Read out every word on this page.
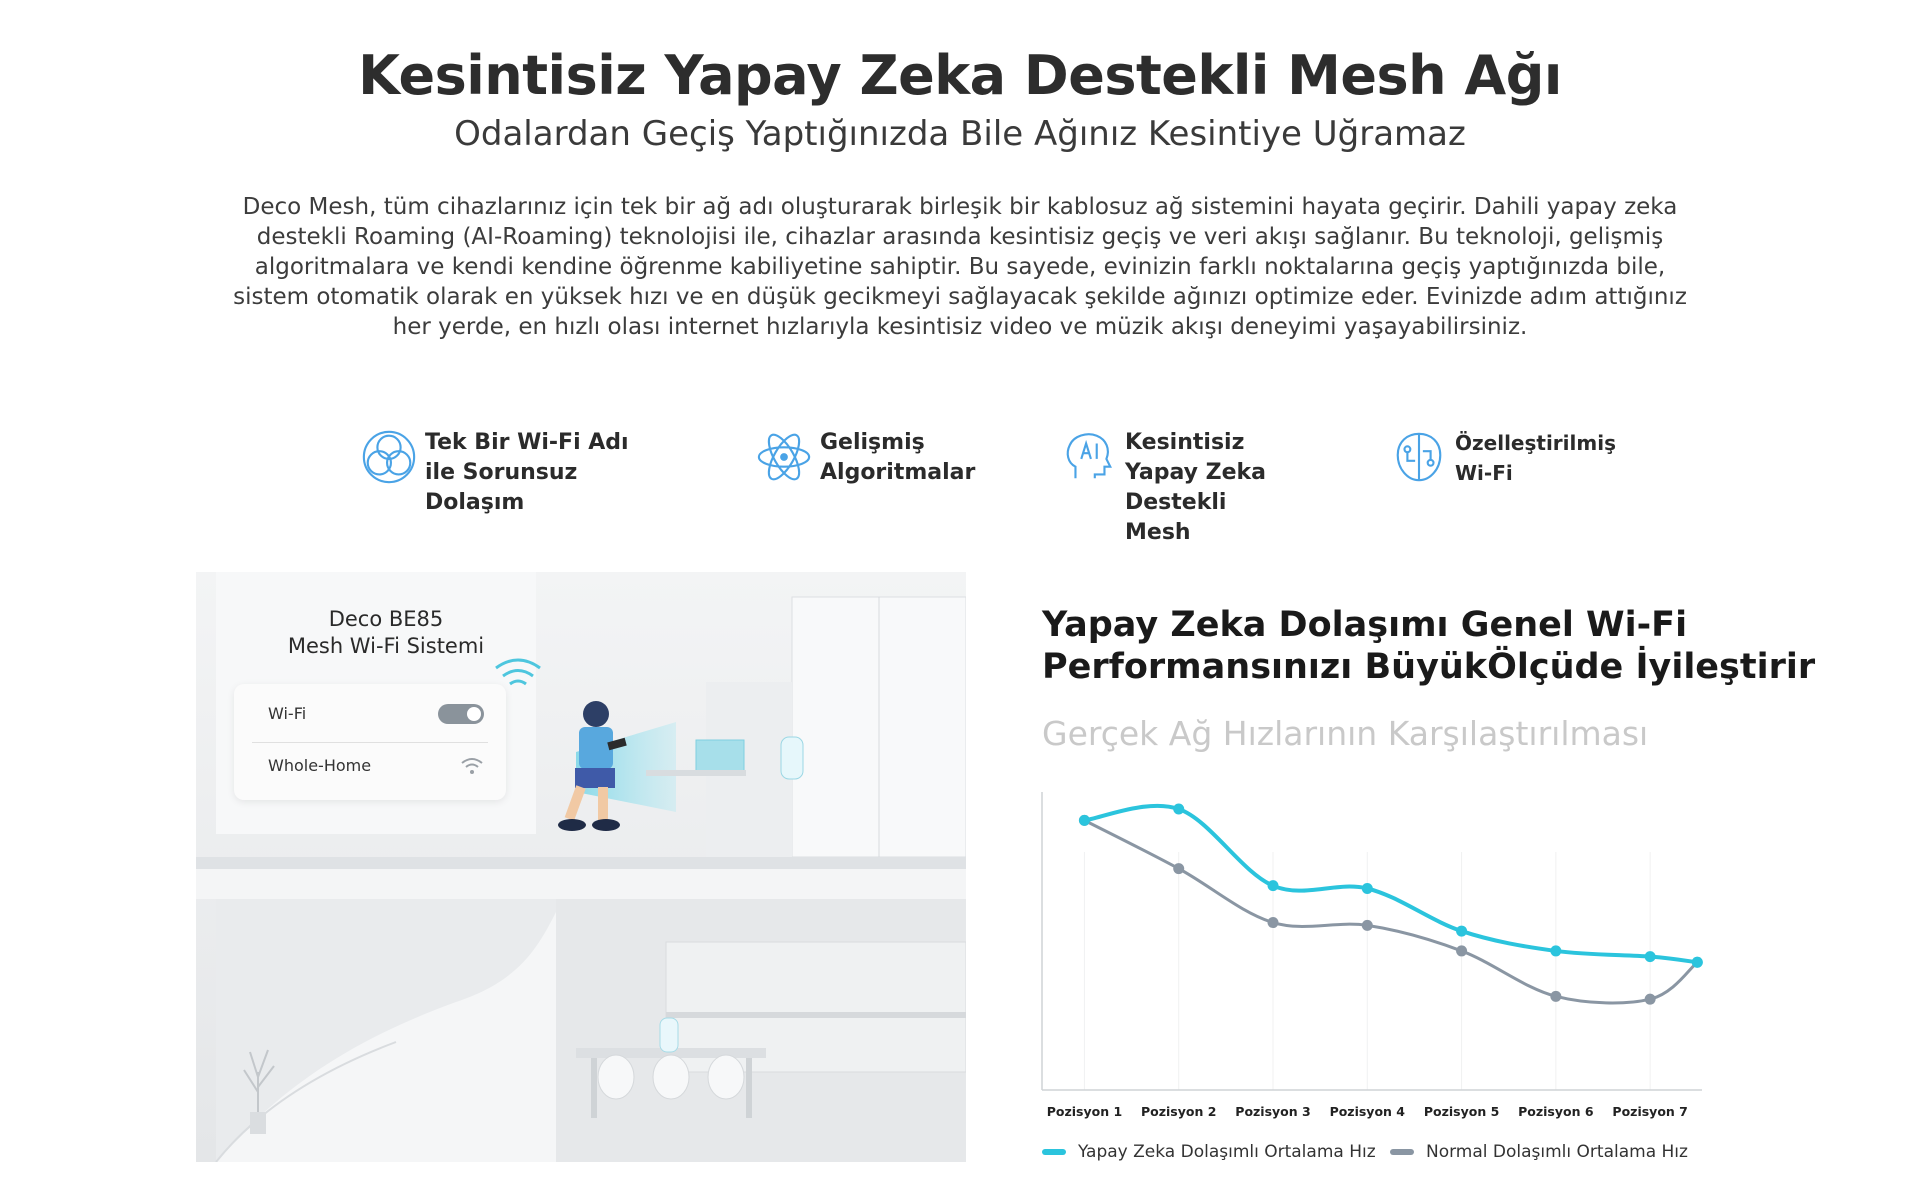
Kesintisiz Yapay Zeka Destekli Mesh Ağı
Odalardan Geçiş Yaptığınızda Bile Ağınız Kesintiye Uğramaz
Deco Mesh, tüm cihazlarınız için tek bir ağ adı oluşturarak birleşik bir kablosuz ağ sistemini hayata geçirir. Dahili yapay zeka destekli Roaming (AI-Roaming) teknolojisi ile, cihazlar arasında kesintisiz geçiş ve veri akışı sağlanır. Bu teknoloji, gelişmiş algoritmalara ve kendi kendine öğrenme kabiliyetine sahiptir. Bu sayede, evinizin farklı noktalarına geçiş yaptığınızda bile, sistem otomatik olarak en yüksek hızı ve en düşük gecikmeyi sağlayacak şekilde ağınızı optimize eder. Evinizde adım attığınız her yerde, en hızlı olası internet hızlarıyla kesintisiz video ve müzik akışı deneyimi yaşayabilirsiniz.
Tek Bir Wi-Fi Adı ile Sorunsuz Dolaşım
Gelişmiş Algoritmalar
Kesintisiz Yapay Zeka Destekli Mesh
Özelleştirilmiş Wi-Fi
Deco BE85
Mesh Wi-Fi Sistemi
Wi-Fi
Whole-Home
Yapay Zeka Dolaşımı Genel Wi-Fi Performansınızı BüyükÖlçüde İyileştirir
Gerçek Ağ Hızlarının Karşılaştırılması
Pozisyon 1 Pozisyon 2 Pozisyon 3 Pozisyon 4 Pozisyon 5 Pozisyon 6 Pozisyon 7
Yapay Zeka Dolaşımlı Ortalama Hız	Normal Dolaşımlı Ortalama Hız
